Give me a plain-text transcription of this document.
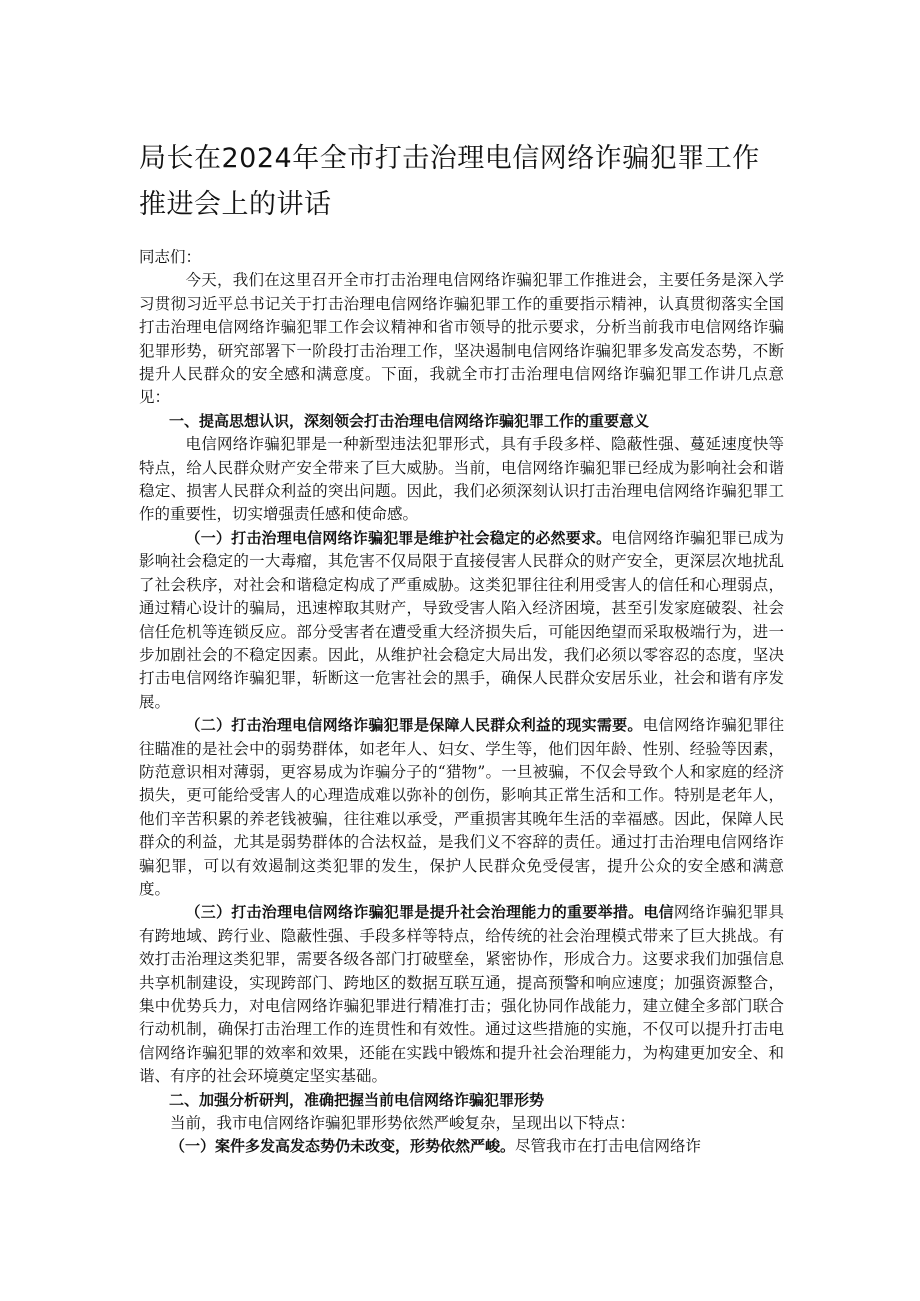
局长在2024年全市打击治理电信网络诈骗犯罪工作
推进会上的讲话

同志们：

今天，我们在这里召开全市打击治理电信网络诈骗犯罪工作推进会，主要任务是深入学习贯彻习近平总书记关于打击治理电信网络诈骗犯罪工作的重要指示精神，认真贯彻落实全国打击治理电信网络诈骗犯罪工作会议精神和省市领导的批示要求，分析当前我市电信网络诈骗犯罪形势，研究部署下一阶段打击治理工作，坚决遏制电信网络诈骗犯罪多发高发态势，不断提升人民群众的安全感和满意度。下面，我就全市打击治理电信网络诈骗犯罪工作讲几点意见：

一、提高思想认识，深刻领会打击治理电信网络诈骗犯罪工作的重要意义

电信网络诈骗犯罪是一种新型违法犯罪形式，具有手段多样、隐蔽性强、蔓延速度快等特点，给人民群众财产安全带来了巨大威胁。当前，电信网络诈骗犯罪已经成为影响社会和谐稳定、损害人民群众利益的突出问题。因此，我们必须深刻认识打击治理电信网络诈骗犯罪工作的重要性，切实增强责任感和使命感。

（一）打击治理电信网络诈骗犯罪是维护社会稳定的必然要求。电信网络诈骗犯罪已成为影响社会稳定的一大毒瘤，其危害不仅局限于直接侵害人民群众的财产安全，更深层次地扰乱了社会秩序，对社会和谐稳定构成了严重威胁。这类犯罪往往利用受害人的信任和心理弱点，通过精心设计的骗局，迅速榨取其财产，导致受害人陷入经济困境，甚至引发家庭破裂、社会信任危机等连锁反应。部分受害者在遭受重大经济损失后，可能因绝望而采取极端行为，进一步加剧社会的不稳定因素。因此，从维护社会稳定大局出发，我们必须以零容忍的态度，坚决打击电信网络诈骗犯罪，斩断这一危害社会的黑手，确保人民群众安居乐业，社会和谐有序发展。

（二）打击治理电信网络诈骗犯罪是保障人民群众利益的现实需要。电信网络诈骗犯罪往往瞄准的是社会中的弱势群体，如老年人、妇女、学生等，他们因年龄、性别、经验等因素，防范意识相对薄弱，更容易成为诈骗分子的“猎物”。一旦被骗，不仅会导致个人和家庭的经济损失，更可能给受害人的心理造成难以弥补的创伤，影响其正常生活和工作。特别是老年人，他们辛苦积累的养老钱被骗，往往难以承受，严重损害其晚年生活的幸福感。因此，保障人民群众的利益，尤其是弱势群体的合法权益，是我们义不容辞的责任。通过打击治理电信网络诈骗犯罪，可以有效遏制这类犯罪的发生，保护人民群众免受侵害，提升公众的安全感和满意度。

（三）打击治理电信网络诈骗犯罪是提升社会治理能力的重要举措。电信网络诈骗犯罪具有跨地域、跨行业、隐蔽性强、手段多样等特点，给传统的社会治理模式带来了巨大挑战。有效打击治理这类犯罪，需要各级各部门打破壁垒，紧密协作，形成合力。这要求我们加强信息共享机制建设，实现跨部门、跨地区的数据互联互通，提高预警和响应速度；加强资源整合，集中优势兵力，对电信网络诈骗犯罪进行精准打击；强化协同作战能力，建立健全多部门联合行动机制，确保打击治理工作的连贯性和有效性。通过这些措施的实施，不仅可以提升打击电信网络诈骗犯罪的效率和效果，还能在实践中锻炼和提升社会治理能力，为构建更加安全、和谐、有序的社会环境奠定坚实基础。

二、加强分析研判，准确把握当前电信网络诈骗犯罪形势

当前，我市电信网络诈骗犯罪形势依然严峻复杂，呈现出以下特点：

（一）案件多发高发态势仍未改变，形势依然严峻。尽管我市在打击电信网络诈
